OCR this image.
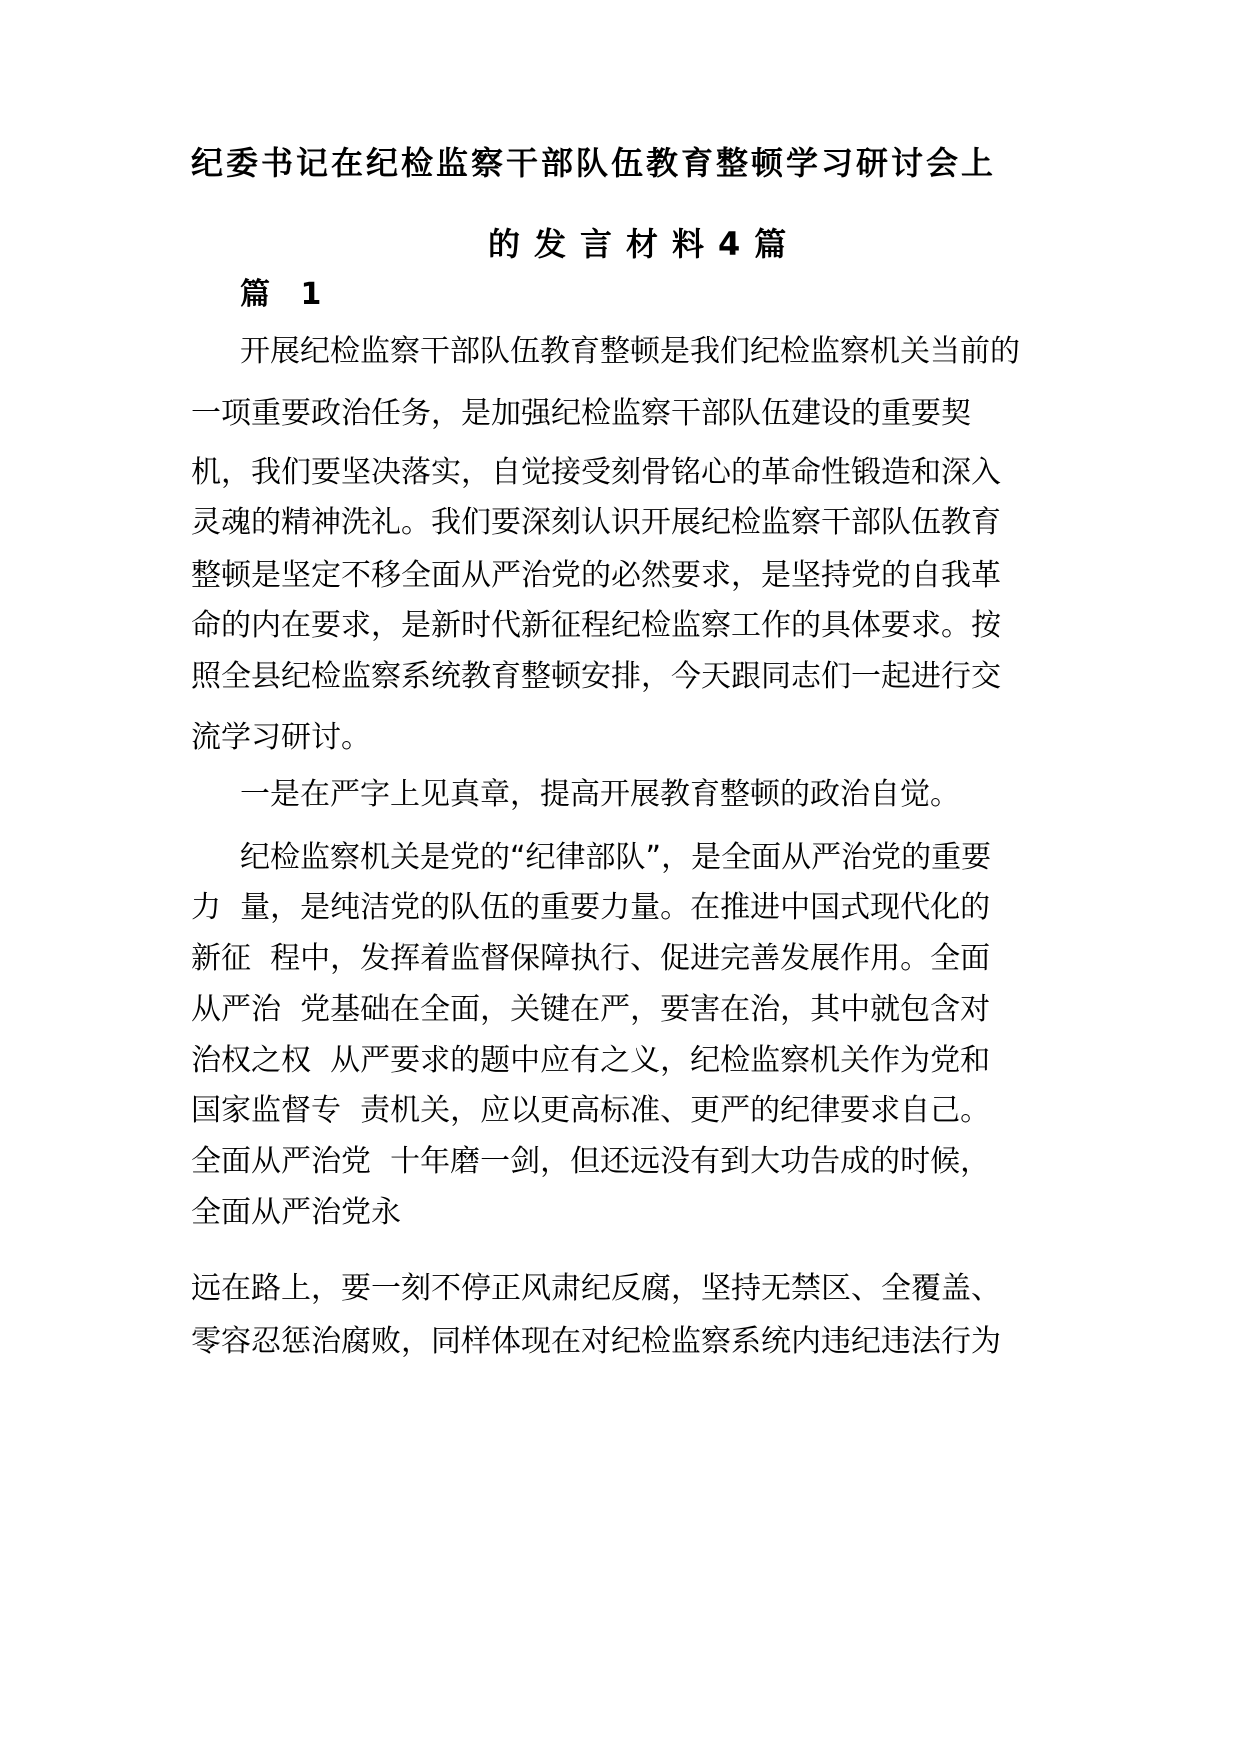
纪委书记在纪检监察干部队伍教育整顿学习研讨会上
的发言材料4篇
篇 1
开展纪检监察干部队伍教育整顿是我们纪检监察机关当前的
一项重要政治任务，是加强纪检监察干部队伍建设的重要契
机，我们要坚决落实，自觉接受刻骨铭心的革命性锻造和深入
灵魂的精神洗礼。我们要深刻认识开展纪检监察干部队伍教育
整顿是坚定不移全面从严治党的必然要求，是坚持党的自我革
命的内在要求，是新时代新征程纪检监察工作的具体要求。按
照全县纪检监察系统教育整顿安排，今天跟同志们一起进行交
流学习研讨。
一是在严字上见真章，提高开展教育整顿的政治自觉。
纪检监察机关是党的“纪律部队”，是全面从严治党的重要
力  量，是纯洁党的队伍的重要力量。在推进中国式现代化的
新征  程中，发挥着监督保障执行、促进完善发展作用。全面
从严治  党基础在全面，关键在严，要害在治，其中就包含对
治权之权  从严要求的题中应有之义，纪检监察机关作为党和
国家监督专  责机关，应以更高标准、更严的纪律要求自己。
全面从严治党  十年磨一剑，但还远没有到大功告成的时候，
全面从严治党永
远在路上，要一刻不停正风肃纪反腐，坚持无禁区、全覆盖、
零容忍惩治腐败，同样体现在对纪检监察系统内违纪违法行为
